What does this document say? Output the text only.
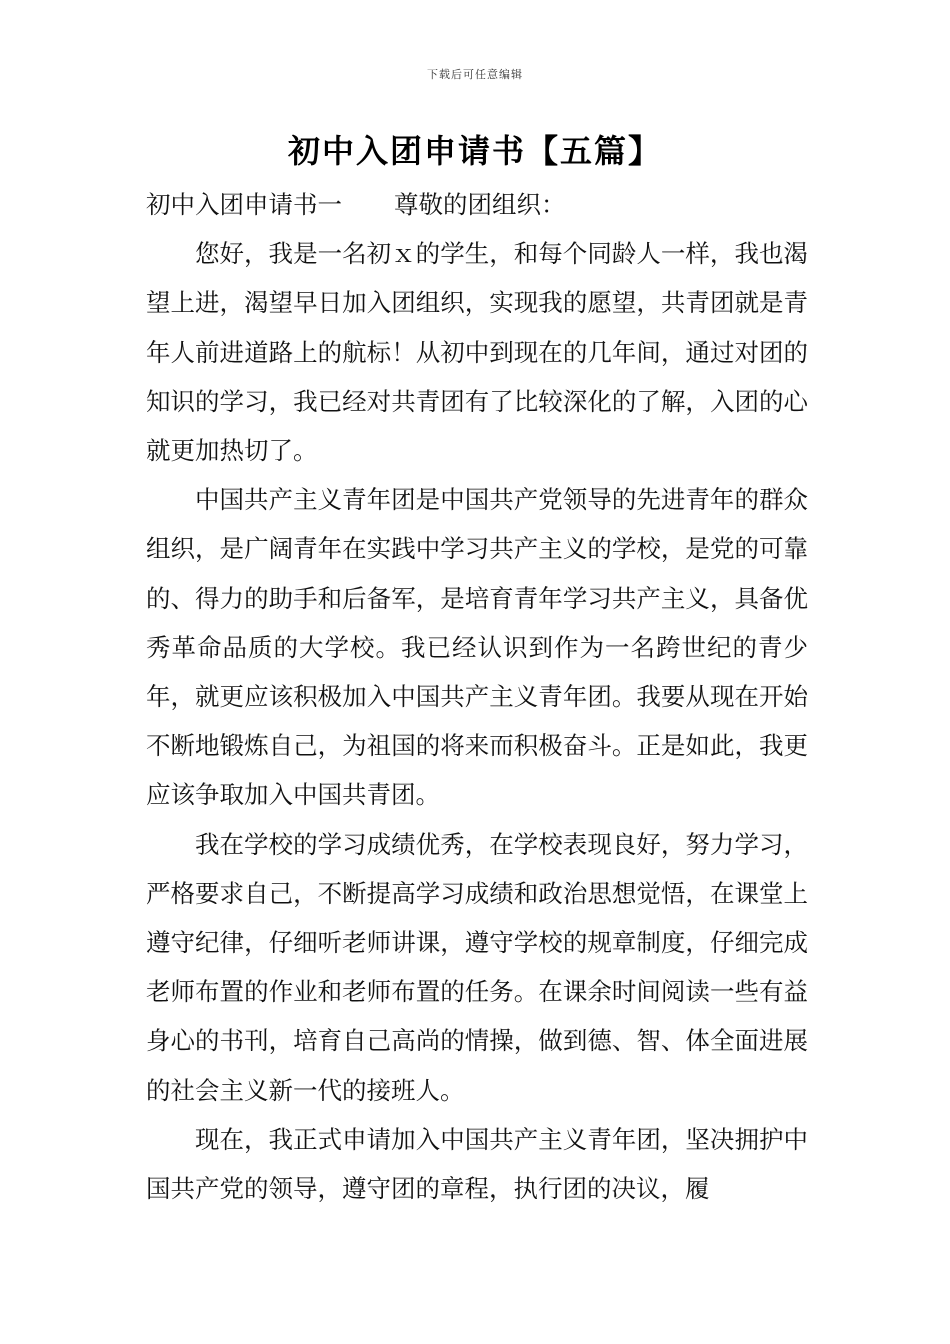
下载后可任意编辑
初中入团申请书【五篇】

初中入团申请书一 尊敬的团组织：

您好，我是一名初ｘ的学生，和每个同龄人一样，我也渴望上进，渴望早日加入团组织，实现我的愿望，共青团就是青年人前进道路上的航标！从初中到现在的几年间，通过对团的知识的学习，我已经对共青团有了比较深化的了解，入团的心就更加热切了。

中国共产主义青年团是中国共产党领导的先进青年的群众组织，是广阔青年在实践中学习共产主义的学校，是党的可靠的、得力的助手和后备军，是培育青年学习共产主义，具备优秀革命品质的大学校。我已经认识到作为一名跨世纪的青少年，就更应该积极加入中国共产主义青年团。我要从现在开始不断地锻炼自己，为祖国的将来而积极奋斗。正是如此，我更应该争取加入中国共青团。

我在学校的学习成绩优秀，在学校表现良好，努力学习，严格要求自己，不断提高学习成绩和政治思想觉悟，在课堂上遵守纪律，仔细听老师讲课，遵守学校的规章制度，仔细完成老师布置的作业和老师布置的任务。在课余时间阅读一些有益身心的书刊，培育自己高尚的情操，做到德、智、体全面进展的社会主义新一代的接班人。

现在，我正式申请加入中国共产主义青年团，坚决拥护中国共产党的领导，遵守团的章程，执行团的决议，履
